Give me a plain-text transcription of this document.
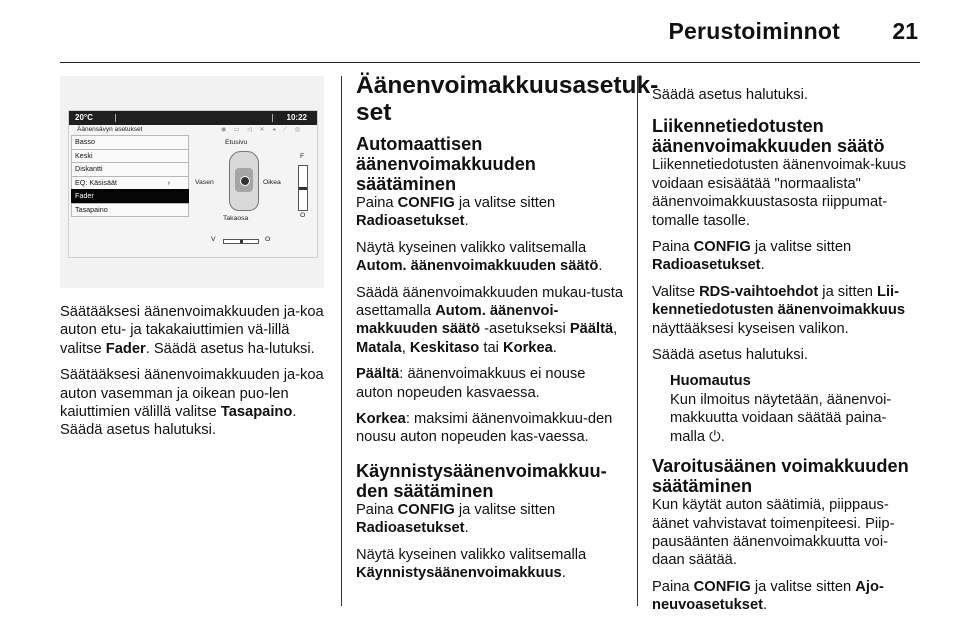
Perustoiminnot 21
20°C	10:22
Äänensävyn asetukset	◉ ▭ ◁ ✕ ◂ ⟋ ◎
Basso
Keski
Diskantti
EQ: Käsisäät	›
Fader
Tasapaino
Etusivu
Vasen	Oikea
Takaosa
F
O
V	O

Säätääksesi äänenvoimakkuuden ja-koa auton etu- ja takakaiuttimien vä-lillä valitse Fader. Säädä asetus ha-lutuksi.

Säätääksesi äänenvoimakkuuden ja-koa auton vasemman ja oikean puo-len kaiuttimien välillä valitse Tasapaino. Säädä asetus halutuksi.

Äänenvoimakkuusasetuk-set
Automaattisen äänenvoimakkuuden säätäminen

Paina CONFIG ja valitse sitten Radioasetukset.

Näytä kyseinen valikko valitsemalla Autom. äänenvoimakkuuden säätö.

Säädä äänenvoimakkuuden mukau-tusta asettamalla Autom. äänenvoi-makkuuden säätö -asetukseksi Päältä, Matala, Keskitaso tai Korkea.

Päältä: äänenvoimakkuus ei nouse auton nopeuden kasvaessa.

Korkea: maksimi äänenvoimakkuu-den nousu auton nopeuden kas-vaessa.

Käynnistysäänenvoimakkuu-den säätäminen

Paina CONFIG ja valitse sitten Radioasetukset.

Näytä kyseinen valikko valitsemalla Käynnistysäänenvoimakkuus.

Säädä asetus halutuksi.

Liikennetiedotusten äänenvoimakkuuden säätö

Liikennetiedotusten äänenvoimak-kuus voidaan esisäätää "normaalista" äänenvoimakkuustasosta riippumat-tomalle tasolle.

Paina CONFIG ja valitse sitten Radioasetukset.

Valitse RDS-vaihtoehdot ja sitten Lii-kennetiedotusten äänenvoimakkuus näyttääksesi kyseisen valikon.

Säädä asetus halutuksi.

Huomautus
Kun ilmoitus näytetään, äänenvoi-makkuutta voidaan säätää paina-malla ⏻.
Varoitusäänen voimakkuuden säätäminen

Kun käytät auton säätimiä, piippaus-äänet vahvistavat toimenpiteesi. Piip-pausäänten äänenvoimakkuutta voi-daan säätää.

Paina CONFIG ja valitse sitten Ajo-neuvoasetukset.
